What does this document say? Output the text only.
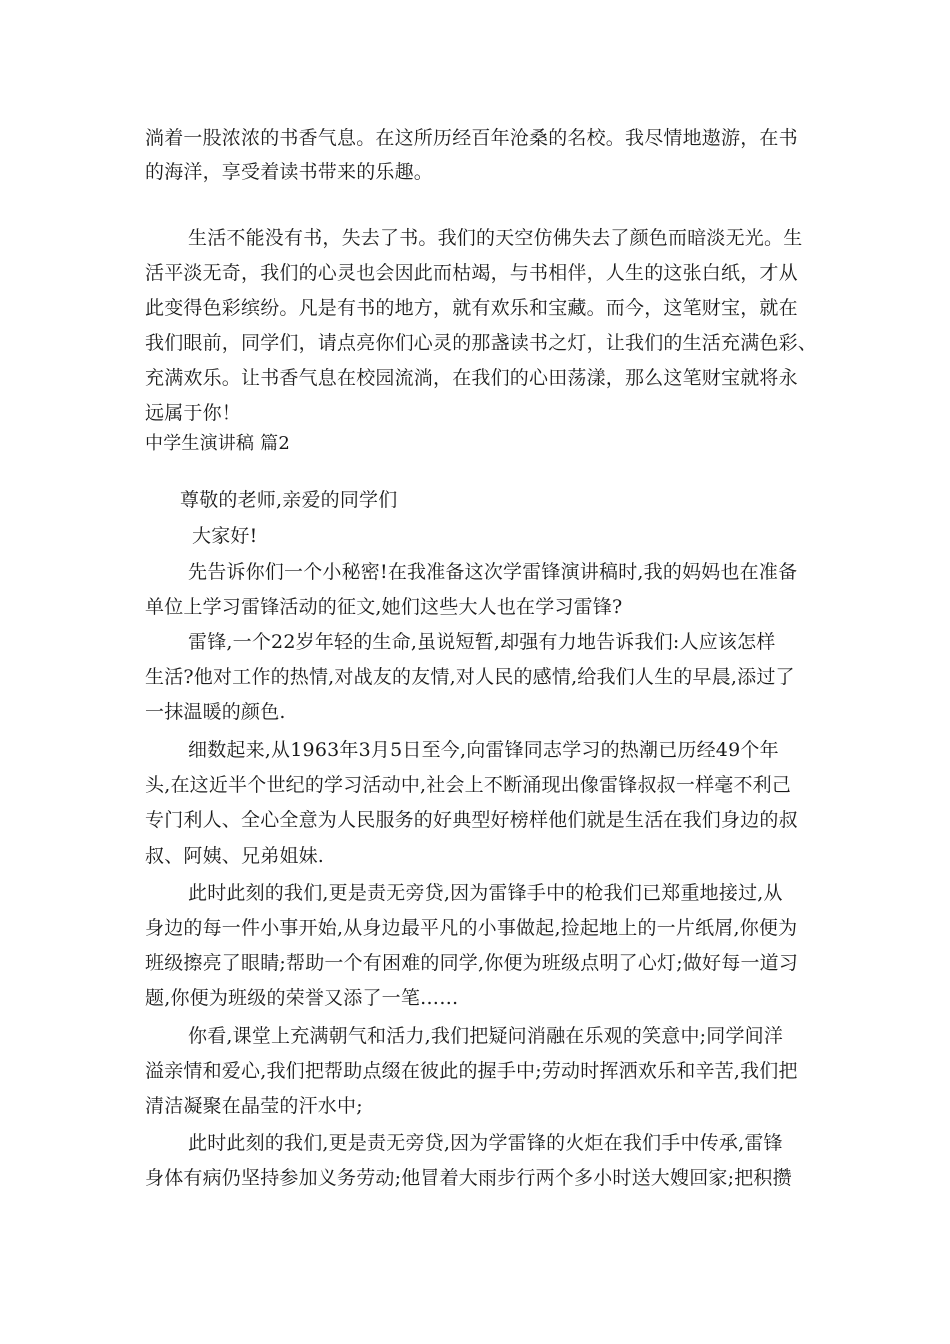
淌着一股浓浓的书香气息。在这所历经百年沧桑的名校。我尽情地遨游，在书
的海洋，享受着读书带来的乐趣。
生活不能没有书，失去了书。我们的天空仿佛失去了颜色而暗淡无光。生
活平淡无奇，我们的心灵也会因此而枯竭，与书相伴，人生的这张白纸，才从
此变得色彩缤纷。凡是有书的地方，就有欢乐和宝藏。而今，这笔财宝，就在
我们眼前，同学们，请点亮你们心灵的那盏读书之灯，让我们的生活充满色彩、
充满欢乐。让书香气息在校园流淌，在我们的心田荡漾，那么这笔财宝就将永
远属于你！
中学生演讲稿 篇2
尊敬的老师,亲爱的同学们
大家好!
先告诉你们一个小秘密!在我准备这次学雷锋演讲稿时,我的妈妈也在准备
单位上学习雷锋活动的征文,她们这些大人也在学习雷锋?
雷锋,一个22岁年轻的生命,虽说短暂,却强有力地告诉我们:人应该怎样
生活?他对工作的热情,对战友的友情,对人民的感情,给我们人生的早晨,添过了
一抹温暖的颜色.
细数起来,从1963年3月5日至今,向雷锋同志学习的热潮已历经49个年
头,在这近半个世纪的学习活动中,社会上不断涌现出像雷锋叔叔一样毫不利己
专门利人、全心全意为人民服务的好典型好榜样他们就是生活在我们身边的叔
叔、阿姨、兄弟姐妹.
此时此刻的我们,更是责无旁贷,因为雷锋手中的枪我们已郑重地接过,从
身边的每一件小事开始,从身边最平凡的小事做起,捡起地上的一片纸屑,你便为
班级擦亮了眼睛;帮助一个有困难的同学,你便为班级点明了心灯;做好每一道习
题,你便为班级的荣誉又添了一笔……
你看,课堂上充满朝气和活力,我们把疑问消融在乐观的笑意中;同学间洋
溢亲情和爱心,我们把帮助点缀在彼此的握手中;劳动时挥洒欢乐和辛苦,我们把
清洁凝聚在晶莹的汗水中;
此时此刻的我们,更是责无旁贷,因为学雷锋的火炬在我们手中传承,雷锋
身体有病仍坚持参加义务劳动;他冒着大雨步行两个多小时送大嫂回家;把积攒
